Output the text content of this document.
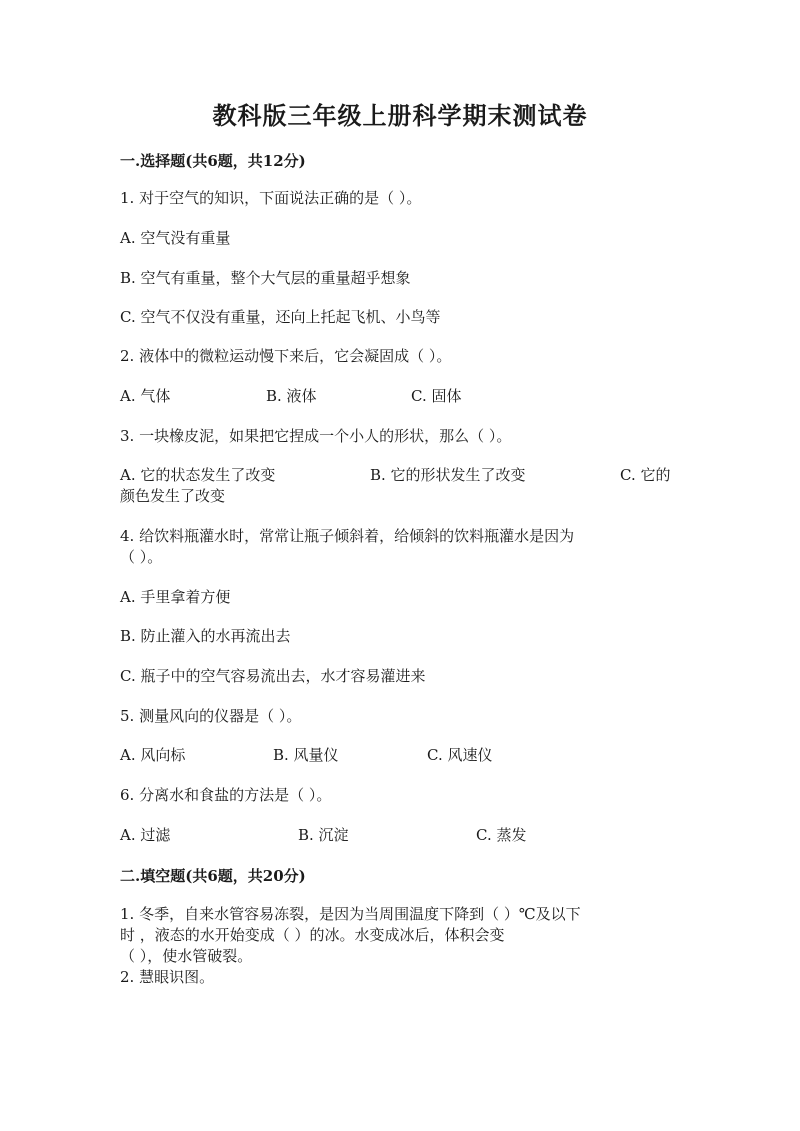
教科版三年级上册科学期末测试卷
一.选择题(共6题，共12分)
1. 对于空气的知识，下面说法正确的是（ ）。
A. 空气没有重量
B. 空气有重量，整个大气层的重量超乎想象
C. 空气不仅没有重量，还向上托起飞机、小鸟等
2. 液体中的微粒运动慢下来后，它会凝固成（ ）。
A. 气体	B. 液体	C. 固体
3. 一块橡皮泥，如果把它捏成一个小人的形状，那么（ ）。
A. 它的状态发生了改变	B. 它的形状发生了改变	C. 它的
颜色发生了改变
4. 给饮料瓶灌水时，常常让瓶子倾斜着，给倾斜的饮料瓶灌水是因为
（ ）。
A. 手里拿着方便
B. 防止灌入的水再流出去
C. 瓶子中的空气容易流出去，水才容易灌进来
5. 测量风向的仪器是（ ）。
A. 风向标	B. 风量仪	C. 风速仪
6. 分离水和食盐的方法是（ ）。
A. 过滤	B. 沉淀	C. 蒸发
二.填空题(共6题，共20分)
1. 冬季，自来水管容易冻裂，是因为当周围温度下降到（ ）℃及以下
时 ，液态的水开始变成（ ）的冰。水变成冰后，体积会变
（ ），使水管破裂。
2. 慧眼识图。
